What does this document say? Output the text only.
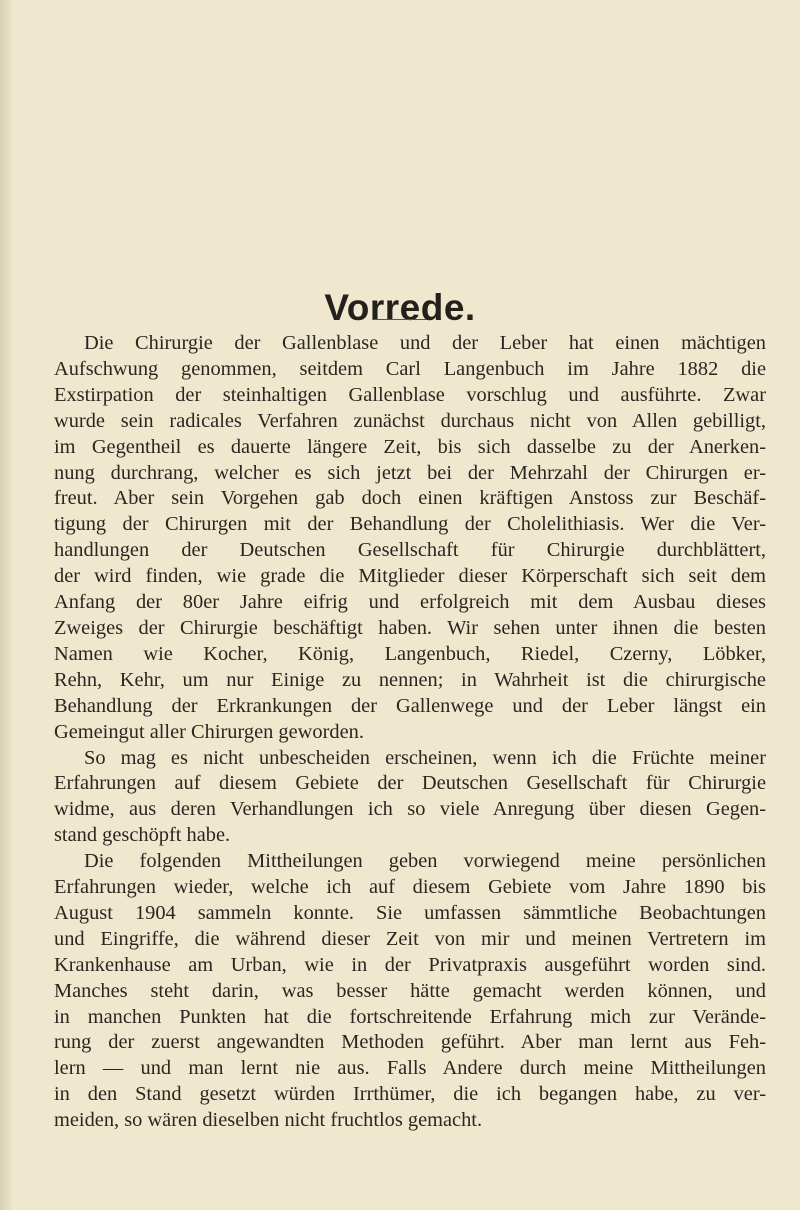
Vorrede.
Die Chirurgie der Gallenblase und der Leber hat einen mächtigen
Aufschwung genommen, seitdem Carl Langenbuch im Jahre 1882 die
Exstirpation der steinhaltigen Gallenblase vorschlug und ausführte. Zwar
wurde sein radicales Verfahren zunächst durchaus nicht von Allen gebilligt,
im Gegentheil es dauerte längere Zeit, bis sich dasselbe zu der Anerken-
nung durchrang, welcher es sich jetzt bei der Mehrzahl der Chirurgen er-
freut. Aber sein Vorgehen gab doch einen kräftigen Anstoss zur Beschäf-
tigung der Chirurgen mit der Behandlung der Cholelithiasis. Wer die Ver-
handlungen der Deutschen Gesellschaft für Chirurgie durchblättert,
der wird finden, wie grade die Mitglieder dieser Körperschaft sich seit dem
Anfang der 80er Jahre eifrig und erfolgreich mit dem Ausbau dieses
Zweiges der Chirurgie beschäftigt haben. Wir sehen unter ihnen die besten
Namen wie Kocher, König, Langenbuch, Riedel, Czerny, Löbker,
Rehn, Kehr, um nur Einige zu nennen; in Wahrheit ist die chirurgische
Behandlung der Erkrankungen der Gallenwege und der Leber längst ein
Gemeingut aller Chirurgen geworden.
So mag es nicht unbescheiden erscheinen, wenn ich die Früchte meiner
Erfahrungen auf diesem Gebiete der Deutschen Gesellschaft für Chirurgie
widme, aus deren Verhandlungen ich so viele Anregung über diesen Gegen-
stand geschöpft habe.
Die folgenden Mittheilungen geben vorwiegend meine persönlichen
Erfahrungen wieder, welche ich auf diesem Gebiete vom Jahre 1890 bis
August 1904 sammeln konnte. Sie umfassen sämmtliche Beobachtungen
und Eingriffe, die während dieser Zeit von mir und meinen Vertretern im
Krankenhause am Urban, wie in der Privatpraxis ausgeführt worden sind.
Manches steht darin, was besser hätte gemacht werden können, und
in manchen Punkten hat die fortschreitende Erfahrung mich zur Verände-
rung der zuerst angewandten Methoden geführt. Aber man lernt aus Feh-
lern — und man lernt nie aus. Falls Andere durch meine Mittheilungen
in den Stand gesetzt würden Irrthümer, die ich begangen habe, zu ver-
meiden, so wären dieselben nicht fruchtlos gemacht.
